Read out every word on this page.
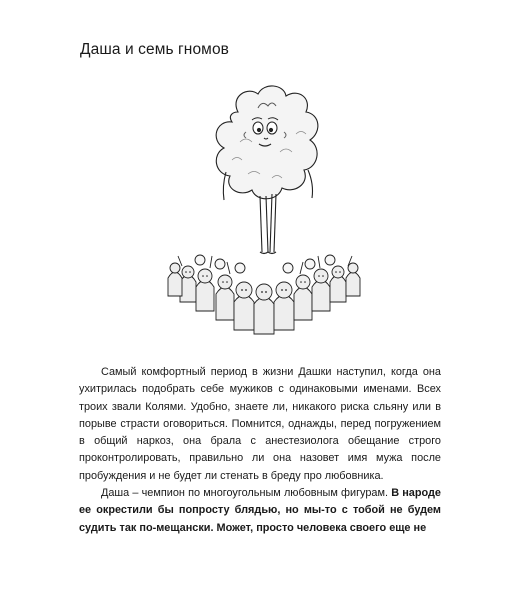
Даша и семь гномов

Самый комфортный период в жизни Дашки наступил, когда она ухитрилась подобрать себе мужиков с одинаковыми именами. Всех троих звали Колями. Удобно, знаете ли, никакого риска сльяну или в порыве страсти оговориться. Помнится, однажды, перед погружением в общий наркоз, она брала с анестезиолога обещание строго проконтролировать, правильно ли она назовет имя мужа после пробуждения и не будет ли стенать в бреду про любовника.

Даша – чемпион по многоугольным любовным фигурам. В народе ее окрестили бы попросту блядью, но мы-то с тобой не будем судить так по-мещански. Может, просто человека своего еще не
